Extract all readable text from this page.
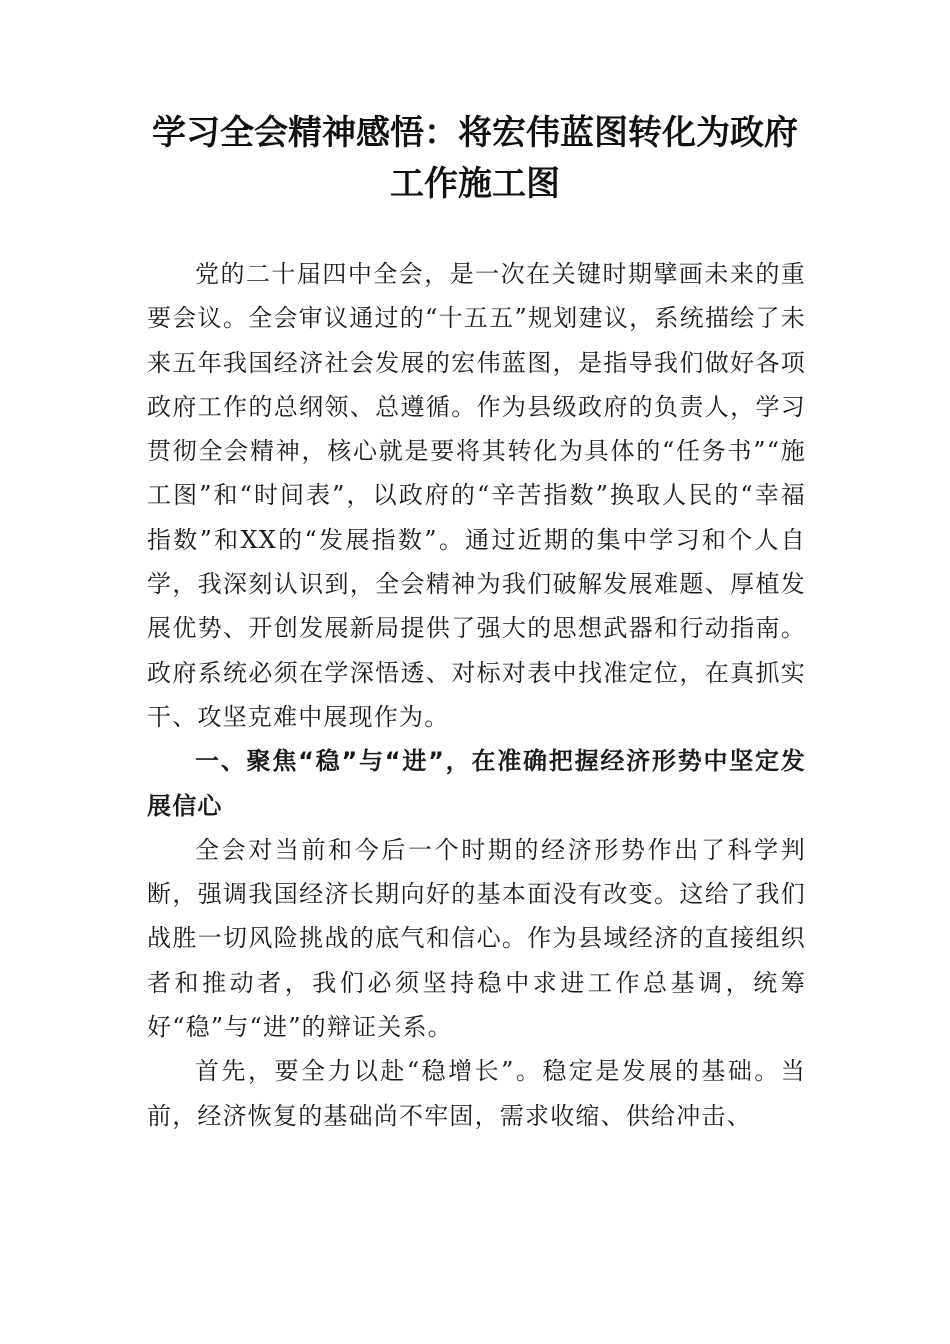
学习全会精神感悟：将宏伟蓝图转化为政府工作施工图

党的二十届四中全会，是一次在关键时期擘画未来的重要会议。全会审议通过的“十五五”规划建议，系统描绘了未来五年我国经济社会发展的宏伟蓝图，是指导我们做好各项政府工作的总纲领、总遵循。作为县级政府的负责人，学习贯彻全会精神，核心就是要将其转化为具体的“任务书”“施工图”和“时间表”，以政府的“辛苦指数”换取人民的“幸福指数”和XX的“发展指数”。通过近期的集中学习和个人自学，我深刻认识到，全会精神为我们破解发展难题、厚植发展优势、开创发展新局提供了强大的思想武器和行动指南。政府系统必须在学深悟透、对标对表中找准定位，在真抓实干、攻坚克难中展现作为。

一、聚焦“稳”与“进”，在准确把握经济形势中坚定发展信心

全会对当前和今后一个时期的经济形势作出了科学判断，强调我国经济长期向好的基本面没有改变。这给了我们战胜一切风险挑战的底气和信心。作为县域经济的直接组织者和推动者，我们必须坚持稳中求进工作总基调，统筹好“稳”与“进”的辩证关系。

首先，要全力以赴“稳增长”。稳定是发展的基础。当前，经济恢复的基础尚不牢固，需求收缩、供给冲击、
